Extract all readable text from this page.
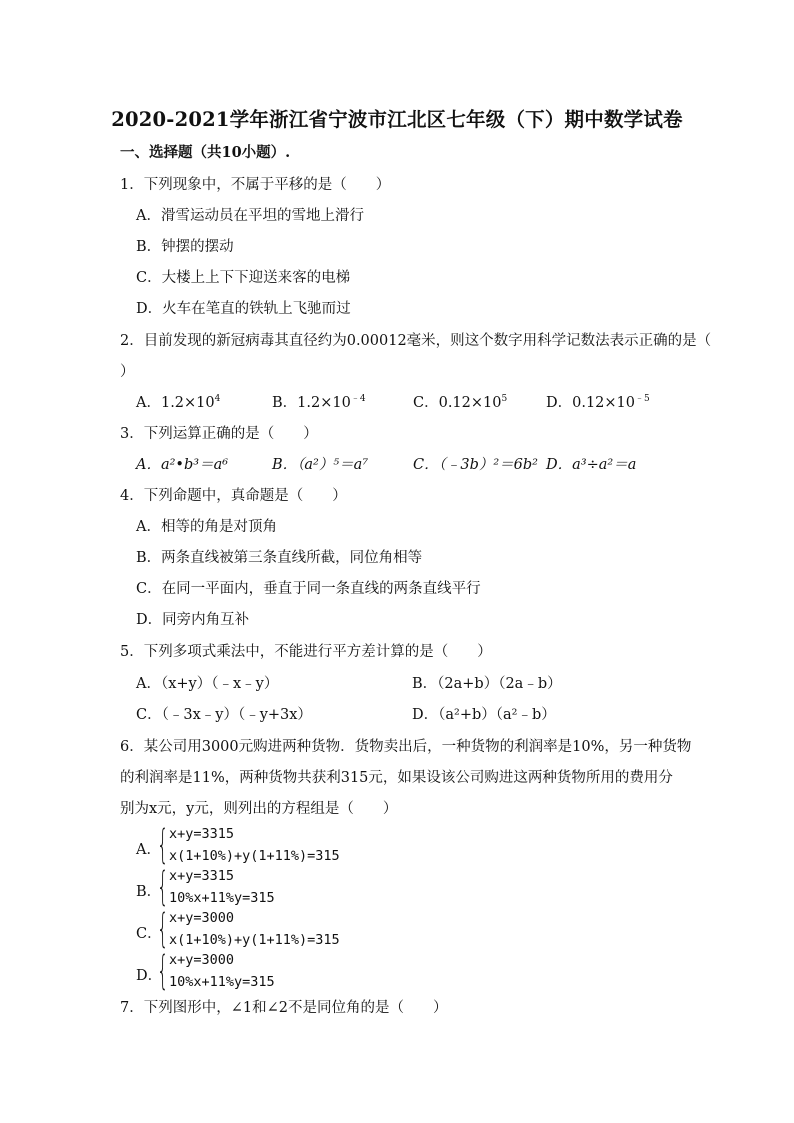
2020-2021学年浙江省宁波市江北区七年级（下）期中数学试卷
一、选择题（共10小题）.
1．下列现象中，不属于平移的是（　　）
A．滑雪运动员在平坦的雪地上滑行
B．钟摆的摆动
C．大楼上上下下迎送来客的电梯
D．火车在笔直的铁轨上飞驰而过
2．目前发现的新冠病毒其直径约为0.00012毫米，则这个数字用科学记数法表示正确的是（
）
A．$1.2\times 10^4$	B．$1.2\times 10^{﹣4}$	C．$0.12\times 10^5$	D．$0.12\times 10^{﹣5}$
3．下列运算正确的是（　　）
A．a²•b³＝a⁶	B．（a²）⁵＝a⁷	C．（﹣3b）²＝6b² D．a³÷a²＝a
4．下列命题中，真命题是（　　）
A．相等的角是对顶角
B．两条直线被第三条直线所截，同位角相等
C．在同一平面内，垂直于同一条直线的两条直线平行
D．同旁内角互补
5．下列多项式乘法中，不能进行平方差计算的是（　　）
A．（x+y）（﹣x﹣y）	B．（2a+b）（2a﹣b）
C．（﹣3x﹣y）（﹣y+3x）	D．（a²+b）（a²﹣b）
6．某公司用3000元购进两种货物．货物卖出后，一种货物的利润率是10%，另一种货物
的利润率是11%，两种货物共获利315元，如果设该公司购进这两种货物所用的费用分
别为x元，y元，则列出的方程组是（　　）
A．
{ x+y=3315
x(1+10%)+y(1+11%)=315
B．
{ x+y=3315
10%x+11%y=315
C．
{ x+y=3000
x(1+10%)+y(1+11%)=315
D．
{ x+y=3000
10%x+11%y=315
7．下列图形中，∠1和∠2不是同位角的是（　　）
